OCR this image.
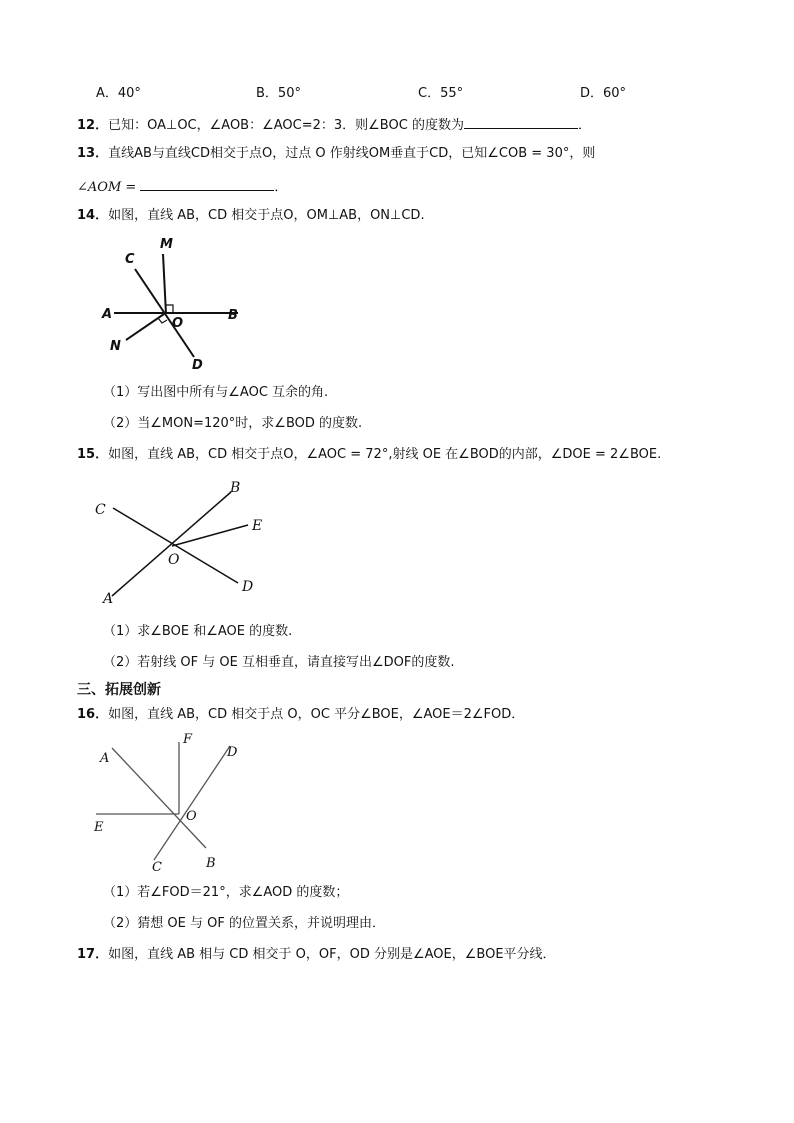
A．40°	B．50°	C．55°	D．60°
12．已知：OA⊥OC，∠AOB：∠AOC=2：3．则∠BOC 的度数为	．
13．直线AB与直线CD相交于点O，过点 O 作射线OM垂直于CD，已知∠COB = 30°，则
∠AOM =	．
14．如图，直线 AB，CD 相交于点O，OM⊥AB，ON⊥CD.
M
C
A
O
B
N
D
（1）写出图中所有与∠AOC 互余的角.
（2）当∠MON=120°时，求∠BOD 的度数.
15．如图，直线 AB，CD 相交于点O，∠AOC = 72°,射线 OE 在∠BOD的内部，∠DOE = 2∠BOE.
C
B
E
O
A
D
（1）求∠BOE 和∠AOE 的度数.
（2）若射线 OF 与 OE 互相垂直，请直接写出∠DOF的度数.
三、拓展创新
16．如图，直线 AB，CD 相交于点 O，OC 平分∠BOE，∠AOE＝2∠FOD．
F
A	D
O
E
C	B
（1）若∠FOD＝21°，求∠AOD 的度数；
（2）猜想 OE 与 OF 的位置关系，并说明理由．
17．如图，直线 AB 相与 CD 相交于 O，OF，OD 分别是∠AOE，∠BOE平分线．
